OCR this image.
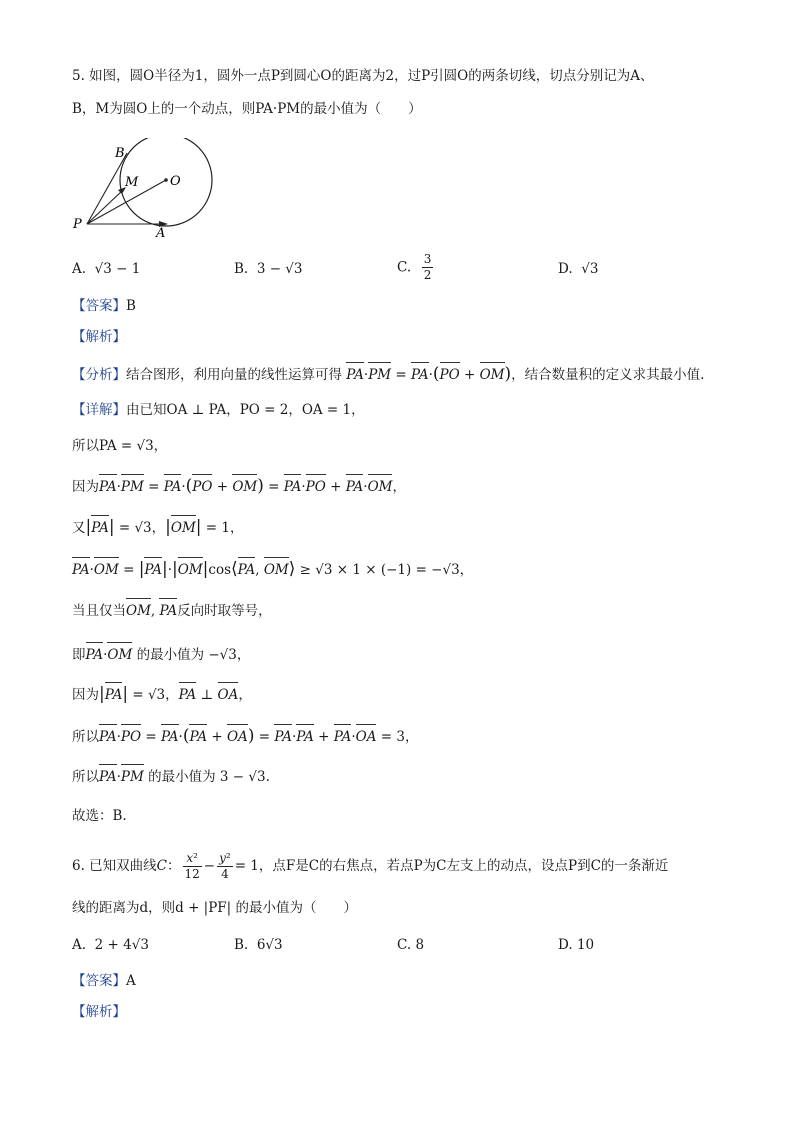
5. 如图，圆O半径为1，圆外一点P到圆心O的距离为2，过P引圆O的两条切线，切点分别记为A、
B，M为圆O上的一个动点，则PA·PM的最小值为（　　）
B
M O
P
A
A. √3 − 1	B. 3 − √3	C. $\frac{3}{2}$	D. √3
【答案】B
【解析】
【分析】结合图形，利用向量的线性运算可得 PA·PM = PA·(PO + OM)，结合数量积的定义求其最小值.
【详解】由已知OA ⊥ PA，PO = 2，OA = 1，
所以PA = √3，
因为PA·PM = PA·(PO + OM) = PA·PO + PA·OM，
又|PA| = √3，|OM| = 1，
PA·OM = |PA|·|OM|cos⟨PA, OM⟩ ≥ √3 × 1 × (−1) = −√3，
当且仅当OM, PA反向时取等号，
即PA·OM 的最小值为 −√3，
因为|PA| = √3，PA ⊥ OA，
所以PA·PO = PA·(PA + OA) = PA·PA + PA·OA = 3，
所以PA·PM 的最小值为 3 − √3.
故选：B.
6. 已知双曲线C： $\frac{\text{x²}}{12} - \frac{\text{y²}}{4} = 1$，点F是C的右焦点，若点P为C左支上的动点，设点P到C的一条渐近
线的距离为d，则d + |PF| 的最小值为（　　）
A. 2 + 4√3	B. 6√3	C. 8	D. 10
【答案】A
【解析】
